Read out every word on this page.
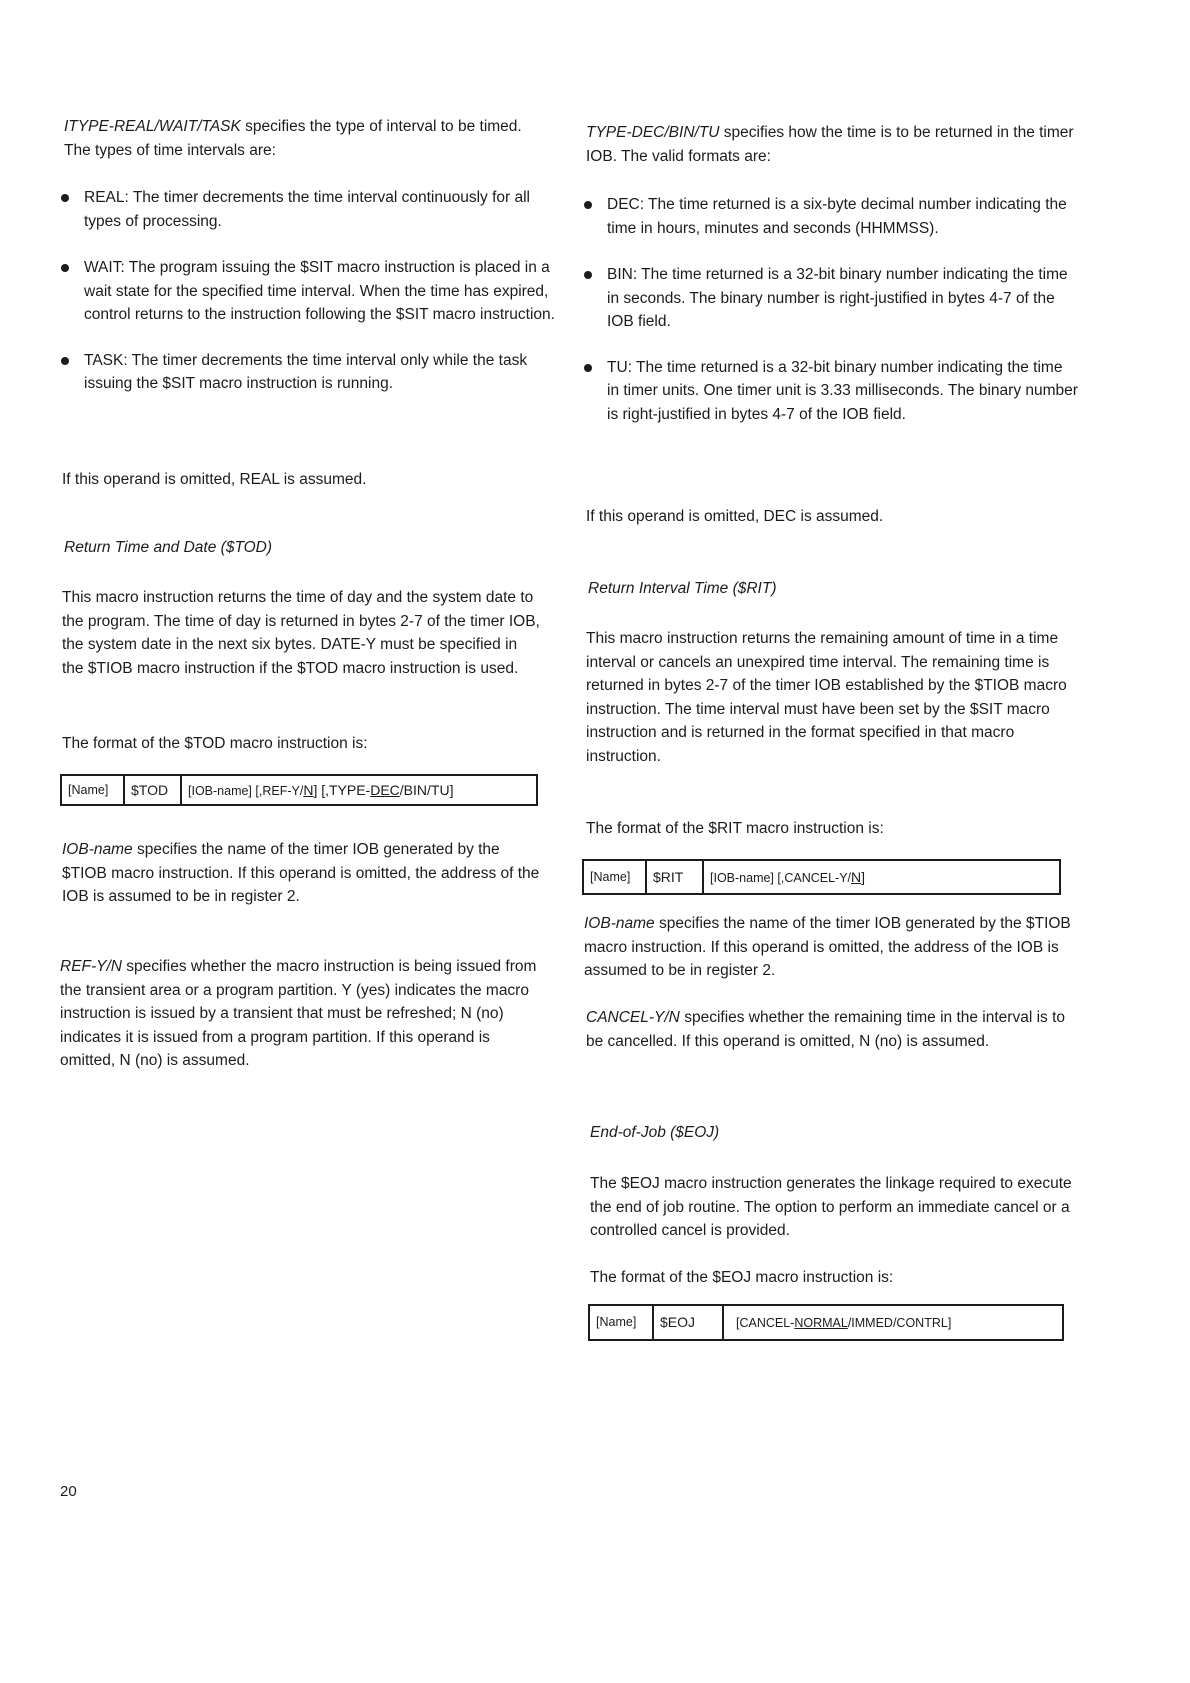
ITYPE-REAL/WAIT/TASK specifies the type of interval to be timed. The types of time intervals are:

REAL: The timer decrements the time interval continuously for all types of processing.
WAIT: The program issuing the $SIT macro instruction is placed in a wait state for the specified time interval. When the time has expired, control returns to the instruction following the $SIT macro instruction.
TASK: The timer decrements the time interval only while the task issuing the $SIT macro instruction is running.

If this operand is omitted, REAL is assumed.

Return Time and Date ($TOD)

This macro instruction returns the time of day and the system date to the program. The time of day is returned in bytes 2-7 of the timer IOB, the system date in the next six bytes. DATE-Y must be specified in the $TIOB macro instruction if the $TOD macro instruction is used.

The format of the $TOD macro instruction is:

[Name]	$TOD	[IOB-name] [,REF-Y/N] [,TYPE-DEC/BIN/TU]

IOB-name specifies the name of the timer IOB generated by the $TIOB macro instruction. If this operand is omitted, the address of the IOB is assumed to be in register 2.

REF-Y/N specifies whether the macro instruction is being issued from the transient area or a program partition. Y (yes) indicates the macro instruction is issued by a transient that must be refreshed; N (no) indicates it is issued from a program partition. If this operand is omitted, N (no) is assumed.

TYPE-DEC/BIN/TU specifies how the time is to be returned in the timer IOB. The valid formats are:

DEC: The time returned is a six-byte decimal number indicating the time in hours, minutes and seconds (HHMMSS).
BIN: The time returned is a 32-bit binary number indicating the time in seconds. The binary number is right-justified in bytes 4-7 of the IOB field.
TU: The time returned is a 32-bit binary number indicating the time in timer units. One timer unit is 3.33 milliseconds. The binary number is right-justified in bytes 4-7 of the IOB field.

If this operand is omitted, DEC is assumed.

Return Interval Time ($RIT)

This macro instruction returns the remaining amount of time in a time interval or cancels an unexpired time interval. The remaining time is returned in bytes 2-7 of the timer IOB established by the $TIOB macro instruction. The time interval must have been set by the $SIT macro instruction and is returned in the format specified in that macro instruction.

The format of the $RIT macro instruction is:

[Name]	$RIT	[IOB-name] [,CANCEL-Y/N]

IOB-name specifies the name of the timer IOB generated by the $TIOB macro instruction. If this operand is omitted, the address of the IOB is assumed to be in register 2.

CANCEL-Y/N specifies whether the remaining time in the interval is to be cancelled. If this operand is omitted, N (no) is assumed.

End-of-Job ($EOJ)

The $EOJ macro instruction generates the linkage required to execute the end of job routine. The option to perform an immediate cancel or a controlled cancel is provided.

The format of the $EOJ macro instruction is:

[Name]	$EOJ	[CANCEL-NORMAL/IMMED/CONTRL]
20
